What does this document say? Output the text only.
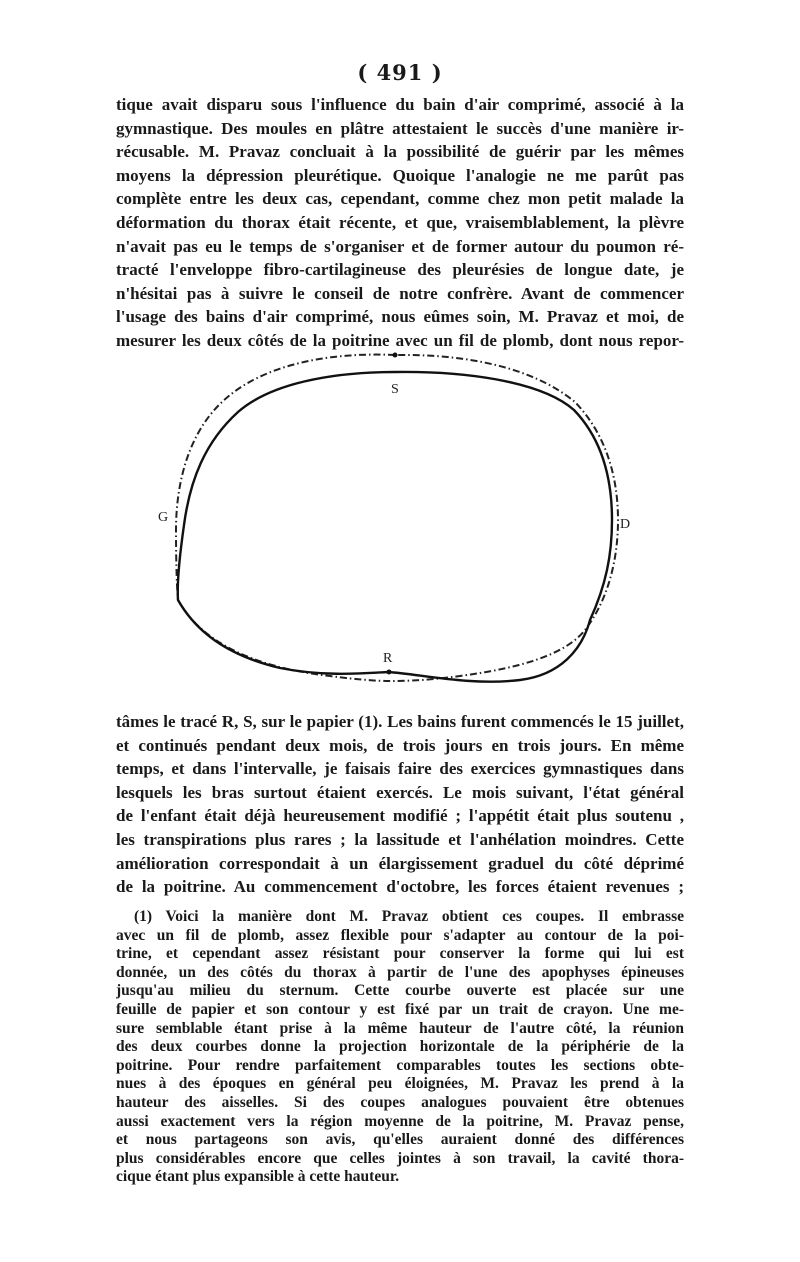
( 491 )
tique avait disparu sous l'influence du bain d'air comprimé, associé à la
gymnastique. Des moules en plâtre attestaient le succès d'une manière ir-
récusable. M. Pravaz concluait à la possibilité de guérir par les mêmes
moyens la dépression pleurétique. Quoique l'analogie ne me parût pas
complète entre les deux cas, cependant, comme chez mon petit malade la
déformation du thorax était récente, et que, vraisemblablement, la plèvre
n'avait pas eu le temps de s'organiser et de former autour du poumon ré-
tracté l'enveloppe fibro-cartilagineuse des pleurésies de longue date, je
n'hésitai pas à suivre le conseil de notre confrère. Avant de commencer
l'usage des bains d'air comprimé, nous eûmes soin, M. Pravaz et moi, de
mesurer les deux côtés de la poitrine avec un fil de plomb, dont nous repor-
S
G	D
R
tâmes le tracé R, S, sur le papier (1). Les bains furent commencés le 15 juillet,
et continués pendant deux mois, de trois jours en trois jours. En même
temps, et dans l'intervalle, je faisais faire des exercices gymnastiques dans
lesquels les bras surtout étaient exercés. Le mois suivant, l'état général
de l'enfant était déjà heureusement modifié ; l'appétit était plus soutenu ,
les transpirations plus rares ; la lassitude et l'anhélation moindres. Cette
amélioration correspondait à un élargissement graduel du côté déprimé
de la poitrine. Au commencement d'octobre, les forces étaient revenues ;
(1) Voici la manière dont M. Pravaz obtient ces coupes. Il embrasse
avec un fil de plomb, assez flexible pour s'adapter au contour de la poi-
trine, et cependant assez résistant pour conserver la forme qui lui est
donnée, un des côtés du thorax à partir de l'une des apophyses épineuses
jusqu'au milieu du sternum. Cette courbe ouverte est placée sur une
feuille de papier et son contour y est fixé par un trait de crayon. Une me-
sure semblable étant prise à la même hauteur de l'autre côté, la réunion
des deux courbes donne la projection horizontale de la périphérie de la
poitrine. Pour rendre parfaitement comparables toutes les sections obte-
nues à des époques en général peu éloignées, M. Pravaz les prend à la
hauteur des aisselles. Si des coupes analogues pouvaient être obtenues
aussi exactement vers la région moyenne de la poitrine, M. Pravaz pense,
et nous partageons son avis, qu'elles auraient donné des différences
plus considérables encore que celles jointes à son travail, la cavité thora-
cique étant plus expansible à cette hauteur.
